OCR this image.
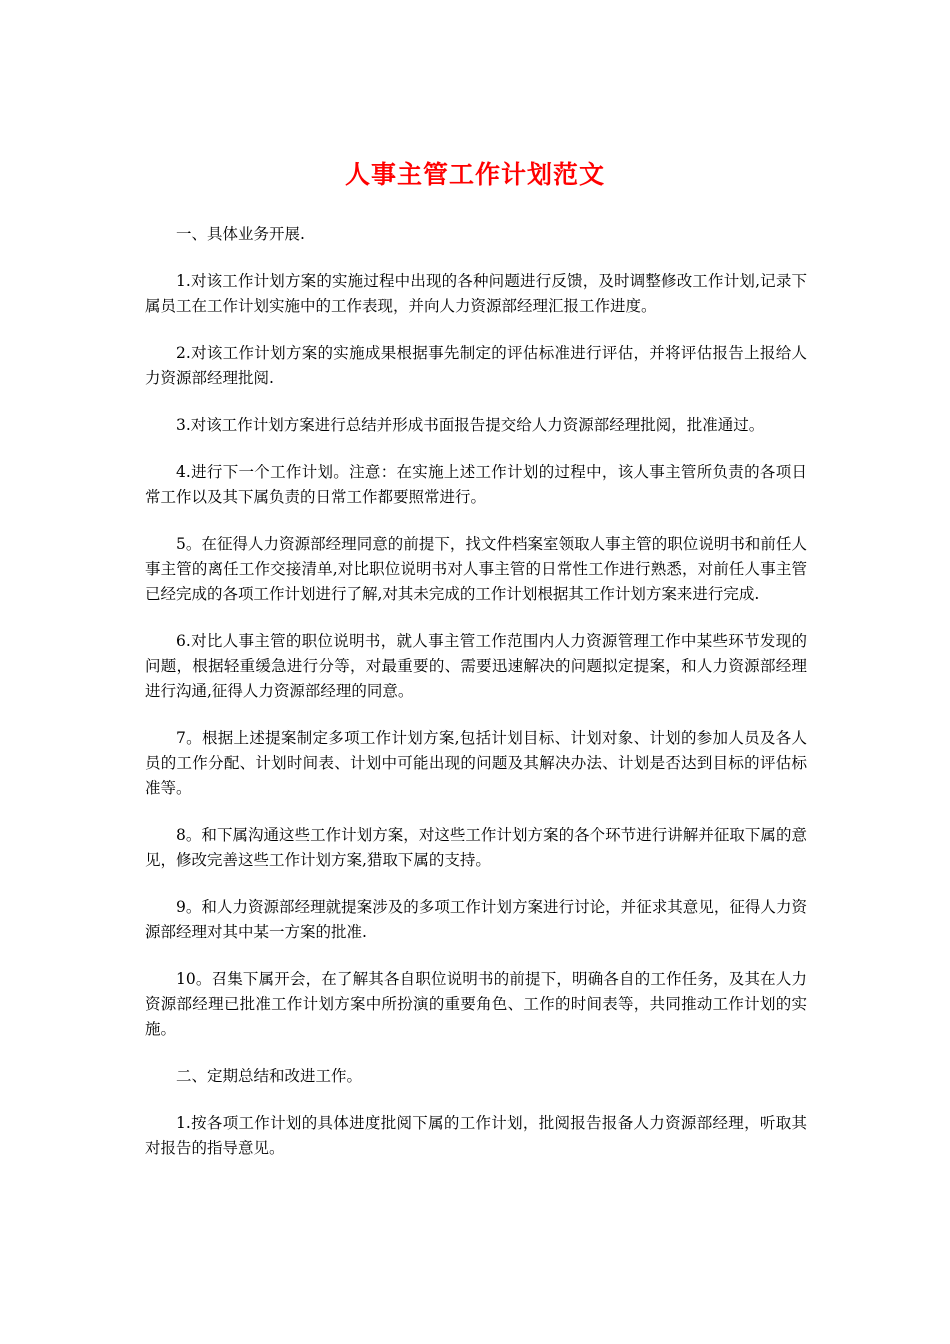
人事主管工作计划范文

一、具体业务开展.

1.对该工作计划方案的实施过程中出现的各种问题进行反馈，及时调整修改工作计划,记录下属员工在工作计划实施中的工作表现，并向人力资源部经理汇报工作进度。

2.对该工作计划方案的实施成果根据事先制定的评估标准进行评估，并将评估报告上报给人力资源部经理批阅.

3.对该工作计划方案进行总结并形成书面报告提交给人力资源部经理批阅，批准通过。

4.进行下一个工作计划。注意：在实施上述工作计划的过程中，该人事主管所负责的各项日常工作以及其下属负责的日常工作都要照常进行。

5。在征得人力资源部经理同意的前提下，找文件档案室领取人事主管的职位说明书和前任人事主管的离任工作交接清单,对比职位说明书对人事主管的日常性工作进行熟悉，对前任人事主管已经完成的各项工作计划进行了解,对其未完成的工作计划根据其工作计划方案来进行完成.

6.对比人事主管的职位说明书，就人事主管工作范围内人力资源管理工作中某些环节发现的问题，根据轻重缓急进行分等，对最重要的、需要迅速解决的问题拟定提案，和人力资源部经理进行沟通,征得人力资源部经理的同意。

7。根据上述提案制定多项工作计划方案,包括计划目标、计划对象、计划的参加人员及各人员的工作分配、计划时间表、计划中可能出现的问题及其解决办法、计划是否达到目标的评估标准等。

8。和下属沟通这些工作计划方案，对这些工作计划方案的各个环节进行讲解并征取下属的意见，修改完善这些工作计划方案,猎取下属的支持。

9。和人力资源部经理就提案涉及的多项工作计划方案进行讨论，并征求其意见，征得人力资源部经理对其中某一方案的批准.

10。召集下属开会，在了解其各自职位说明书的前提下，明确各自的工作任务，及其在人力资源部经理已批准工作计划方案中所扮演的重要角色、工作的时间表等，共同推动工作计划的实施。

二、定期总结和改进工作。

1.按各项工作计划的具体进度批阅下属的工作计划，批阅报告报备人力资源部经理，听取其对报告的指导意见。
